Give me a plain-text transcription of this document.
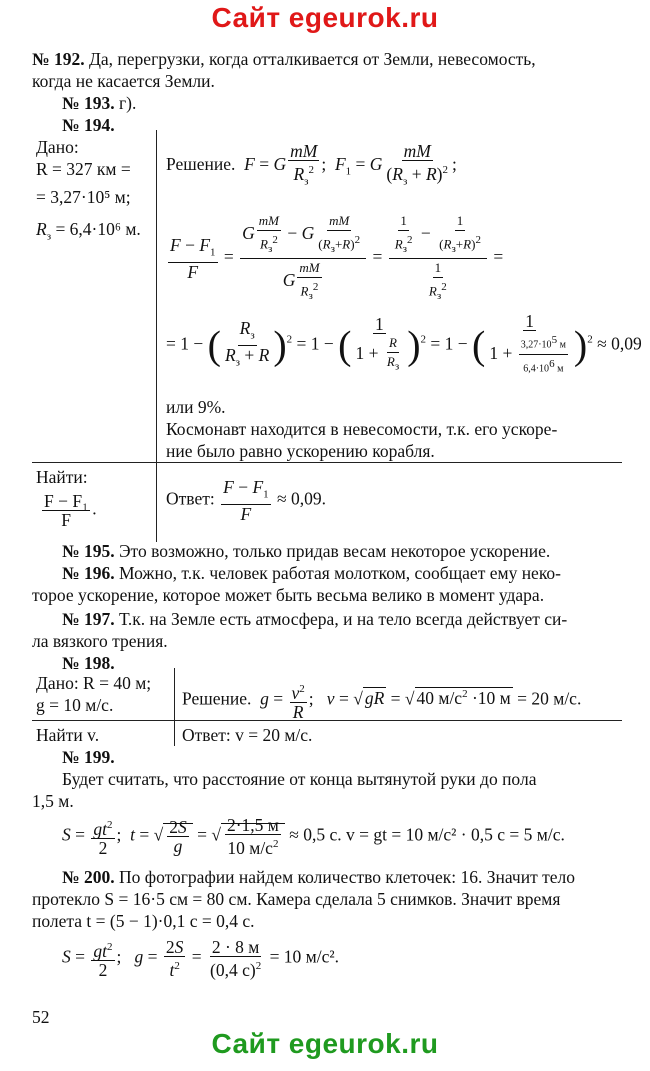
Сайт egeurok.ru
№ 192. Да, перегрузки, когда отталкивается от Земли, невесомость,
когда не касается Земли.
№ 193. г).
№ 194.
Дано:
R = 327 км =
= 3,27·10⁵ м;
$R_з = 6,4\cdot 10^6$ м.
Решение. F = G $\frac{mM}{R_з^2}$ ;  $F_1 = G \frac{mM}{(R_з + R)^2}$ ;
$\frac{F - F_1}{F} = \frac{G \frac{mM}{R_з^2} - G \frac{mM}{(R_з+R)^2}}{G \frac{mM}{R_з^2}} = \frac{\frac{1}{R_з^2} - \frac{1}{(R_з+R)^2}}{\frac{1}{R_з^2}}$ =
= 1 − ( $\frac{R_з}{R_з + R} )^2 = 1$ − ( $\frac{1}{1 + \frac{R}{R_з}} )^2 = 1$ − ( $\frac{1}{1 + \frac{3,27\cdot 10^5 м}{6,4\cdot 10^6 м}} )^2 \approx 0,09$
или 9%.
Космонавт находится в невесомости, т.к. его ускоре-
ние было равно ускорению корабля.
Найти:
$\frac{\text{F − F₁}}{F}$ .
Ответ: $\frac{F - F_1}{F} \approx 0,09$.
№ 195. Это возможно, только придав весам некоторое ускорение.
№ 196. Можно, т.к. человек работая молотком, сообщает ему неко-
торое ускорение, которое может быть весьма велико в момент удара.
№ 197. Т.к. на Земле есть атмосфера, и на тело всегда действует си-
ла вязкого трения.
№ 198.
Дано: R = 40 м;
g = 10 м/с.	Решение. $g = \frac{v^2}{R}$ ;   v = √ gR = √ 40 $м/с^2 \cdot 10$ м = 20 м/с.
Найти v.	Ответ: v = 20 м/с.
№ 199.
Будет считать, что расстояние от конца вытянутой руки до пола
1,5 м.
$S = \frac{gt^2}{2}$ ;  t = √ $\frac{2S}{g}$ = √ $\frac{2\cdot 1,5 м}{10 м/с^2} \approx 0,5$ с. v = gt = 10 м/с² · 0,5 с = 5 м/с.
№ 200. По фотографии найдем количество клеточек: 16. Значит тело
протекло S = 16·5 см = 80 см. Камера сделала 5 снимков. Значит время
полета t = (5 − 1)·0,1 с = 0,4 с.
$S = \frac{gt^2}{2}$ ;   $g = \frac{2S}{t^2} = \frac{2 \cdot 8 м}{(0,4 с)^2} = 10$ м/с².
52
Сайт egeurok.ru
